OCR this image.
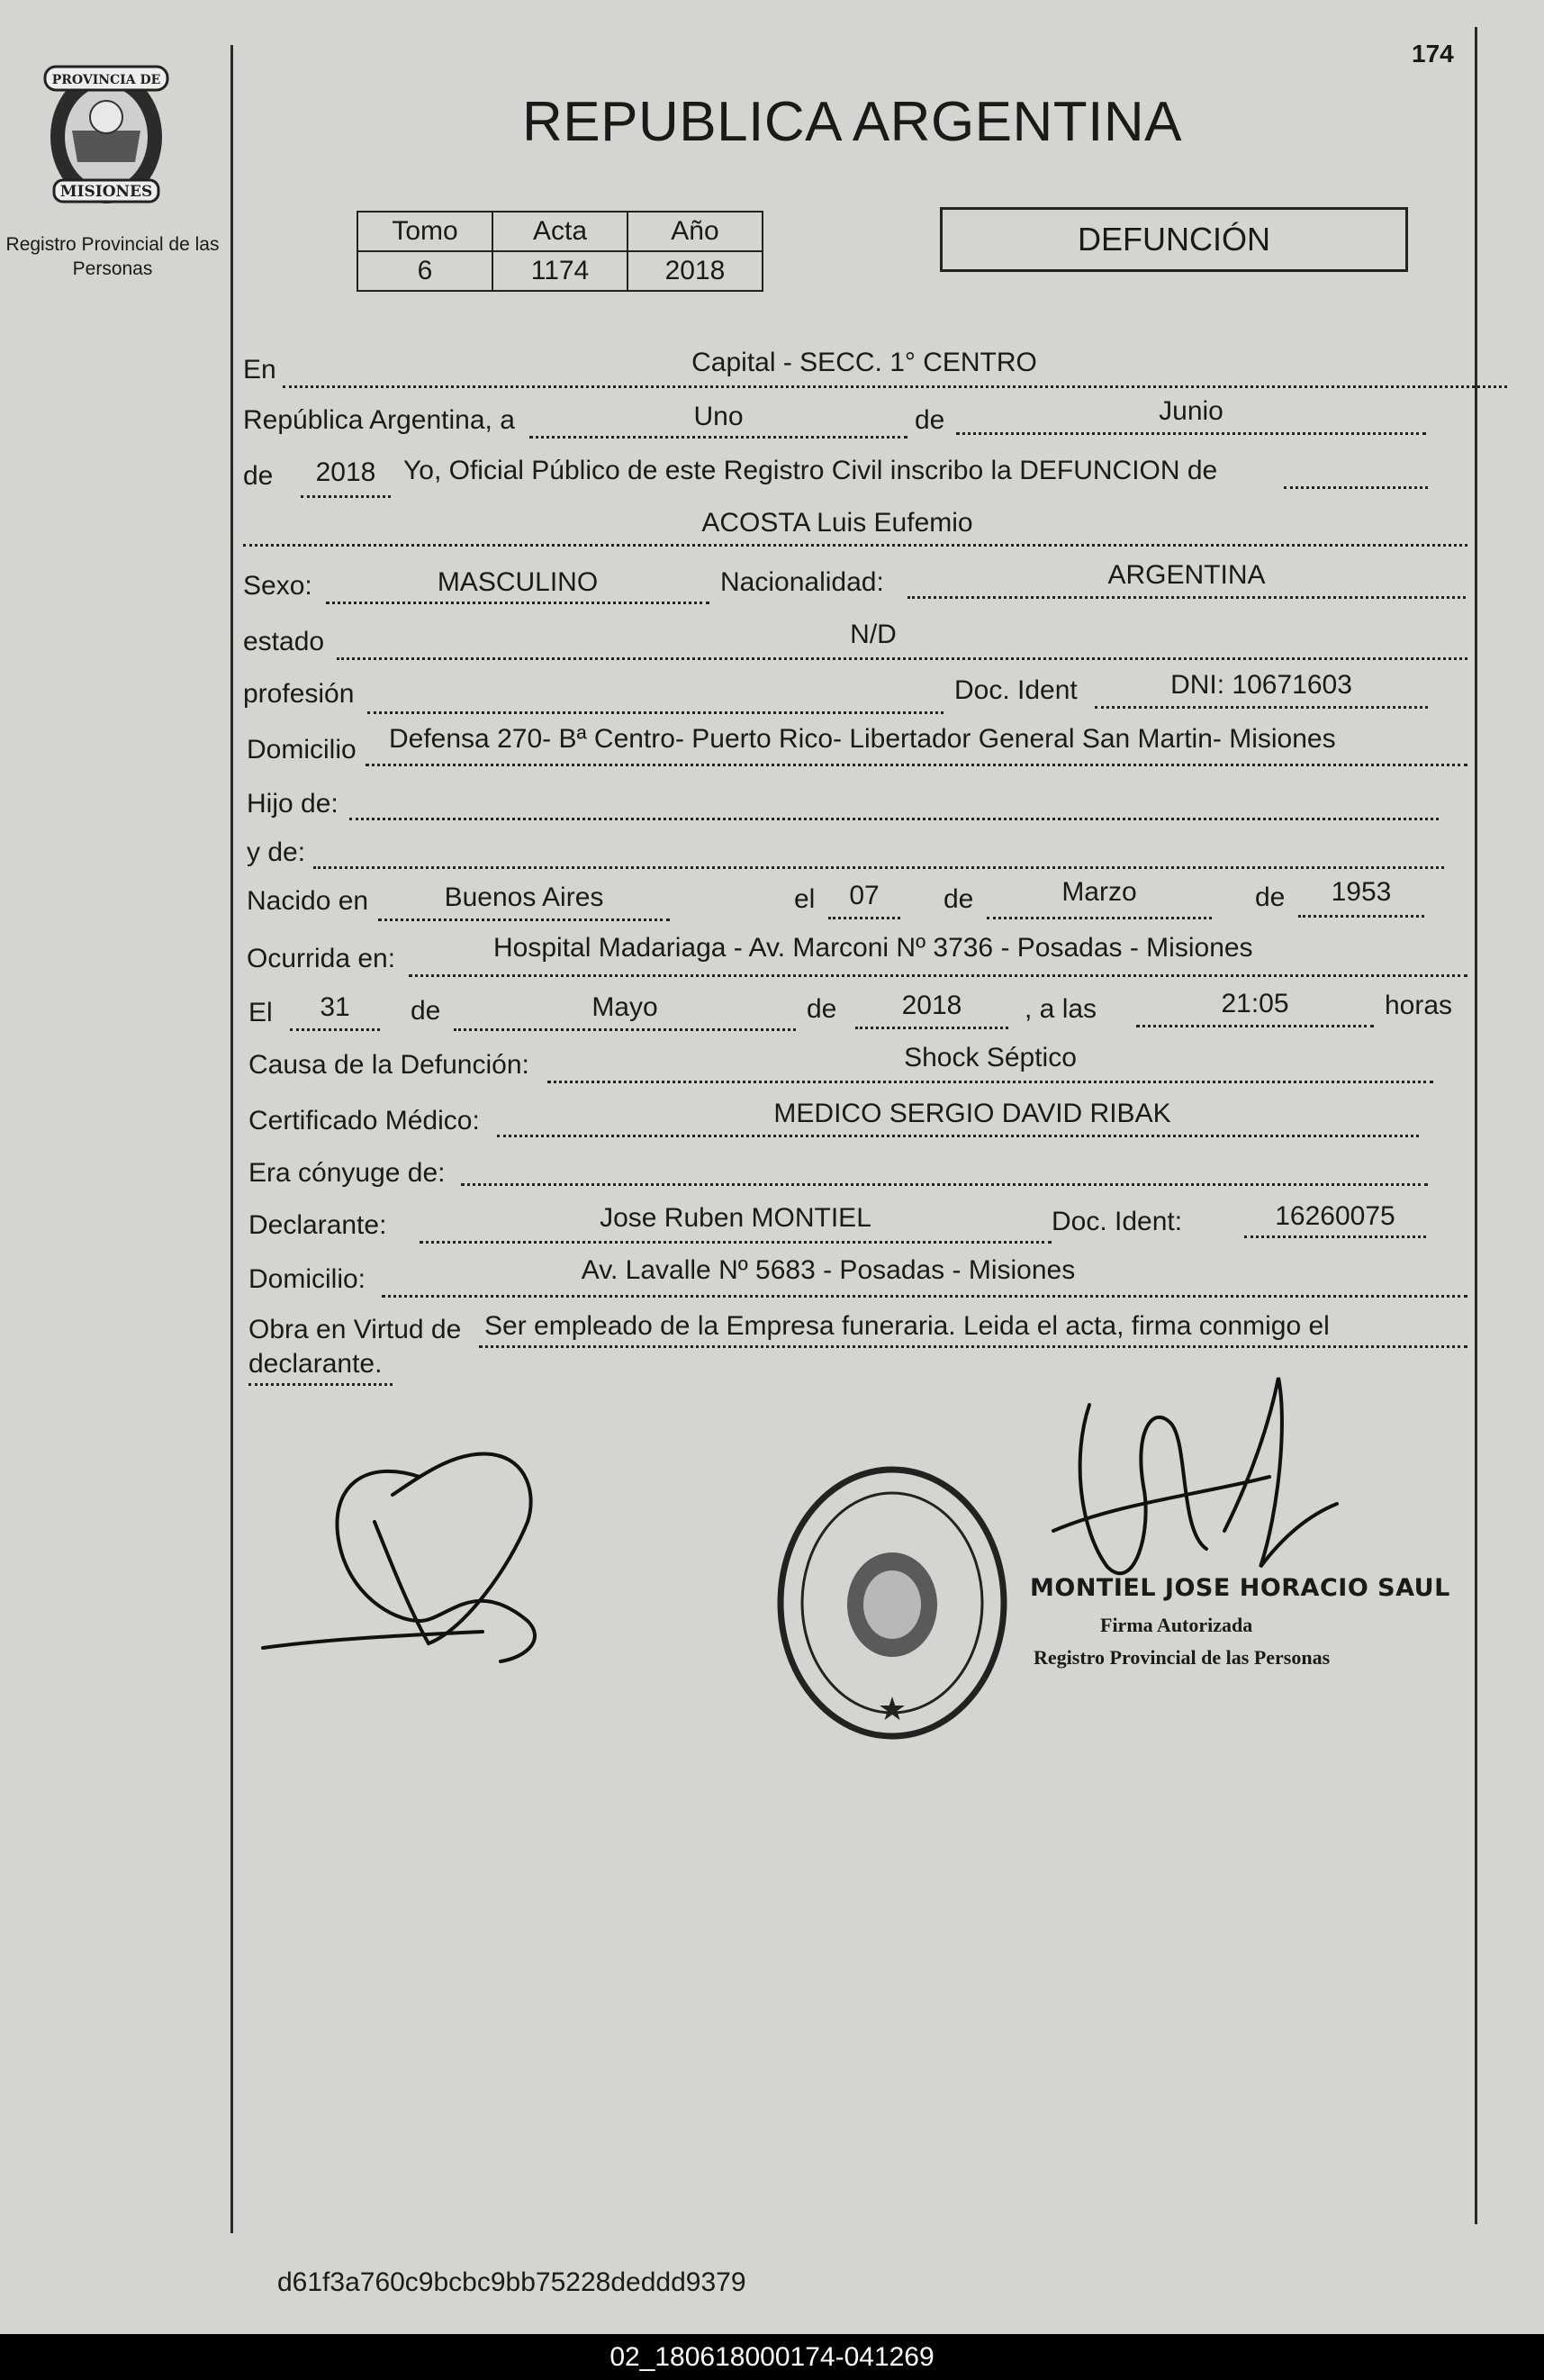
174
PROVINCIA DE
MISIONES
Registro Provincial de las Personas
REPUBLICA ARGENTINA
Tomo	Acta	Año
6	1174	2018
DEFUNCIÓN
En	Capital - SECC. 1° CENTRO
República Argentina, a	Uno	de	Junio
de	2018	Yo, Oficial Público de este Registro Civil inscribo la DEFUNCION de
ACOSTA Luis Eufemio
Sexo:	MASCULINO	Nacionalidad:	ARGENTINA
estado	N/D
profesión	Doc. Ident	DNI: 10671603
Domicilio Defensa 270- Bª Centro- Puerto Rico- Libertador General San Martin- Misiones
Hijo de:
y de:
Nacido en	Buenos Aires	el	07	de	Marzo	de	1953
Ocurrida en:	Hospital Madariaga - Av. Marconi Nº 3736 - Posadas - Misiones
El	31	de	Mayo	de	2018	, a las	21:05	horas
Causa de la Defunción:	Shock Séptico
Certificado Médico:	MEDICO SERGIO DAVID RIBAK
Era cónyuge de:
Declarante:	Jose Ruben MONTIEL	Doc. Ident:	16260075
Domicilio:	Av. Lavalle Nº 5683 - Posadas - Misiones
Obra en Virtud de Ser empleado de la Empresa funeraria. Leida el acta, firma conmigo el
declarante.
★
MONTIEL JOSE HORACIO SAUL
Firma Autorizada
Registro Provincial de las Personas
d61f3a760c9bcbc9bb75228deddd9379
02_180618000174-041269
